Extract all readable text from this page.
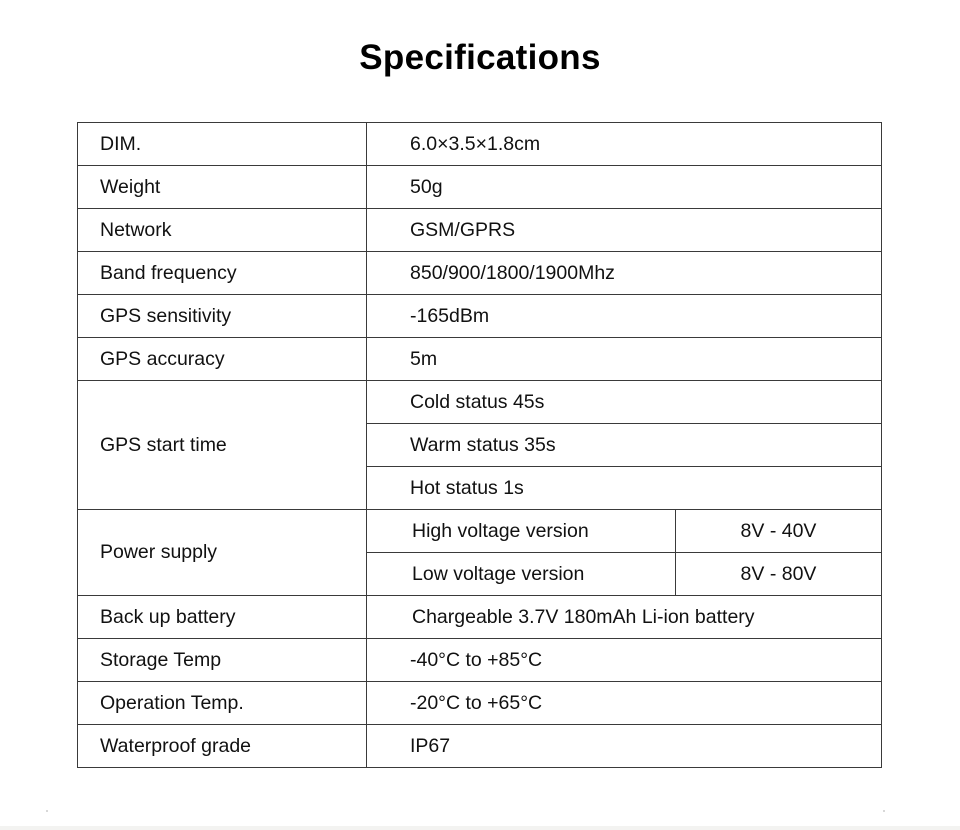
Specifications
DIM.	6.0×3.5×1.8cm	
Weight	50g	
Network	GSM/GPRS	
Band frequency	850/900/1800/1900Mhz	
GPS sensitivity	-165dBm	
GPS accuracy	5m	
GPS start time	Cold status 45s	
	Warm status 35s	
	Hot status 1s	
Power supply	High voltage version	8V - 40V
	Low voltage version	8V - 80V
Back up battery	Chargeable 3.7V 180mAh Li-ion battery	
Storage Temp	-40°C to +85°C	
Operation Temp.	-20°C to +65°C	
Waterproof grade	IP67	
